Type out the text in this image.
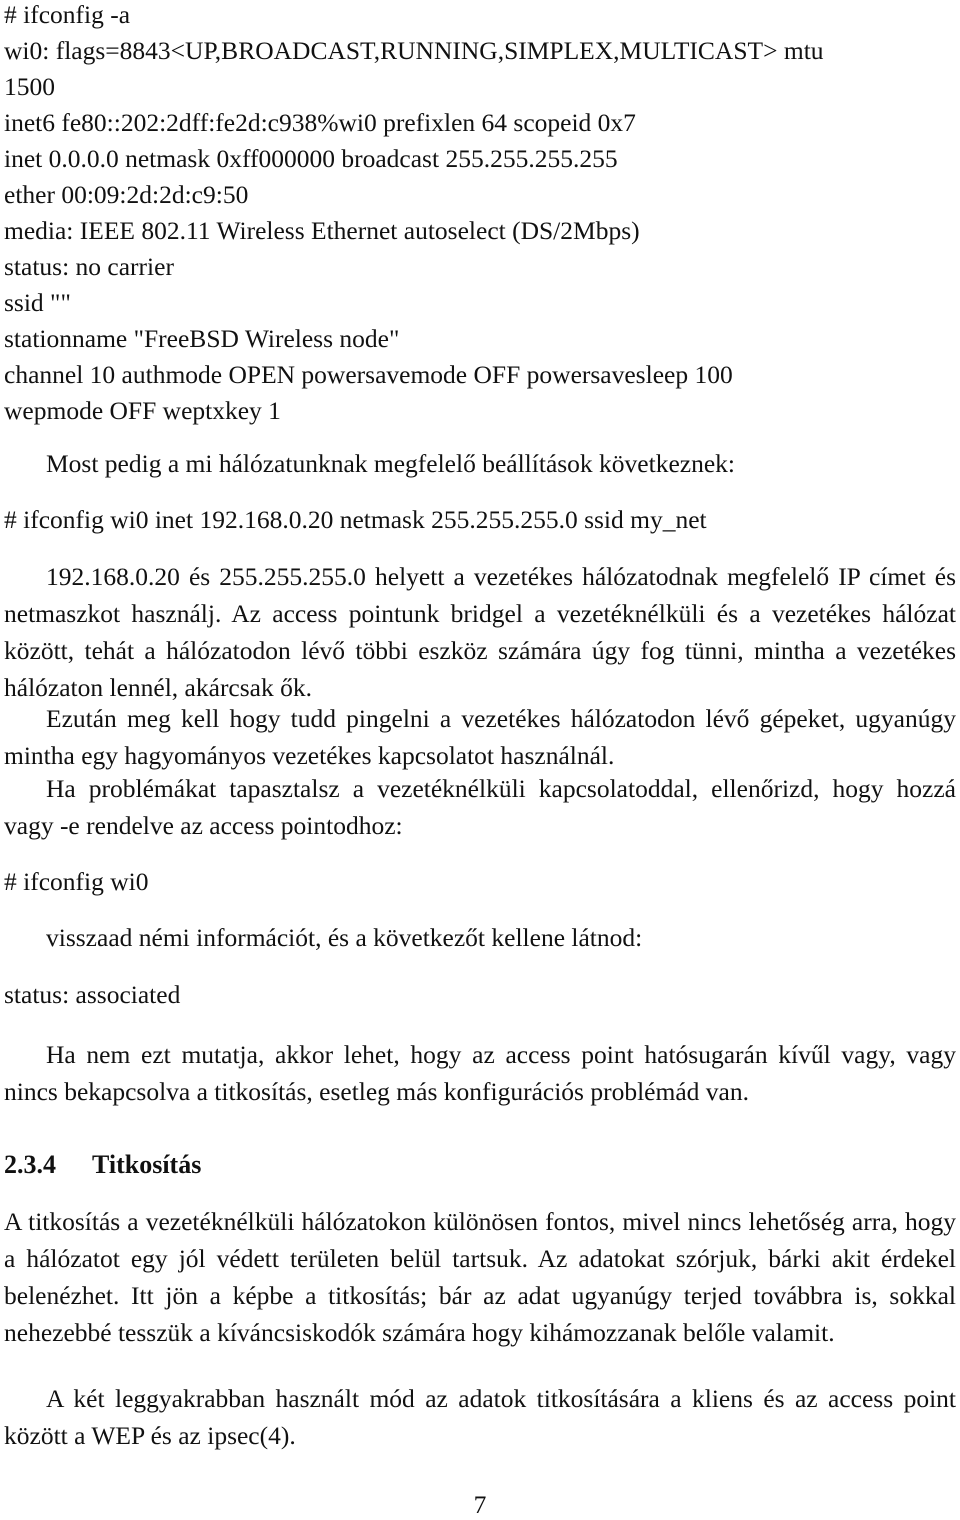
# ifconfig -a
wi0: flags=8843<UP,BROADCAST,RUNNING,SIMPLEX,MULTICAST> mtu
1500
inet6 fe80::202:2dff:fe2d:c938%wi0 prefixlen 64 scopeid 0x7
inet 0.0.0.0 netmask 0xff000000 broadcast 255.255.255.255
ether 00:09:2d:2d:c9:50
media: IEEE 802.11 Wireless Ethernet autoselect (DS/2Mbps)
status: no carrier
ssid ""
stationname "FreeBSD Wireless node"
channel 10 authmode OPEN powersavemode OFF powersavesleep 100
wepmode OFF weptxkey 1
Most pedig a mi hálózatunknak megfelelő beállítások következnek:
# ifconfig wi0 inet 192.168.0.20 netmask 255.255.255.0 ssid my_net

192.168.0.20 és 255.255.255.0 helyett a vezetékes hálózatodnak megfelelő IP címet és netmaszkot használj. Az access pointunk bridgel a vezetéknélküli és a vezetékes hálózat között, tehát a hálózatodon lévő többi eszköz számára úgy fog tünni, mintha a vezetékes hálózaton lennél, akárcsak ők.

Ezután meg kell hogy tudd pingelni a vezetékes hálózatodon lévő gépeket, ugyanúgy mintha egy hagyományos vezetékes kapcsolatot használnál.

Ha problémákat tapasztalsz a vezetéknélküli kapcsolatoddal, ellenőrizd, hogy hozzá vagy -e rendelve az access pointodhoz:

# ifconfig wi0
visszaad némi információt, és a következőt kellene látnod:
status: associated

Ha nem ezt mutatja, akkor lehet, hogy az access point hatósugarán kívűl vagy, vagy nincs bekapcsolva a titkosítás, esetleg más konfigurációs problémád van.

2.3.4 Titkosítás

A titkosítás a vezetéknélküli hálózatokon különösen fontos, mivel nincs lehetőség arra, hogy a hálózatot egy jól védett területen belül tartsuk. Az adatokat szórjuk, bárki akit érdekel belenézhet. Itt jön a képbe a titkosítás; bár az adat ugyanúgy terjed továbbra is, sokkal nehezebbé tesszük a kíváncsiskodók számára hogy kihámozzanak belőle valamit.

A két leggyakrabban használt mód az adatok titkosítására a kliens és az access point között a WEP és az ipsec(4).

7
